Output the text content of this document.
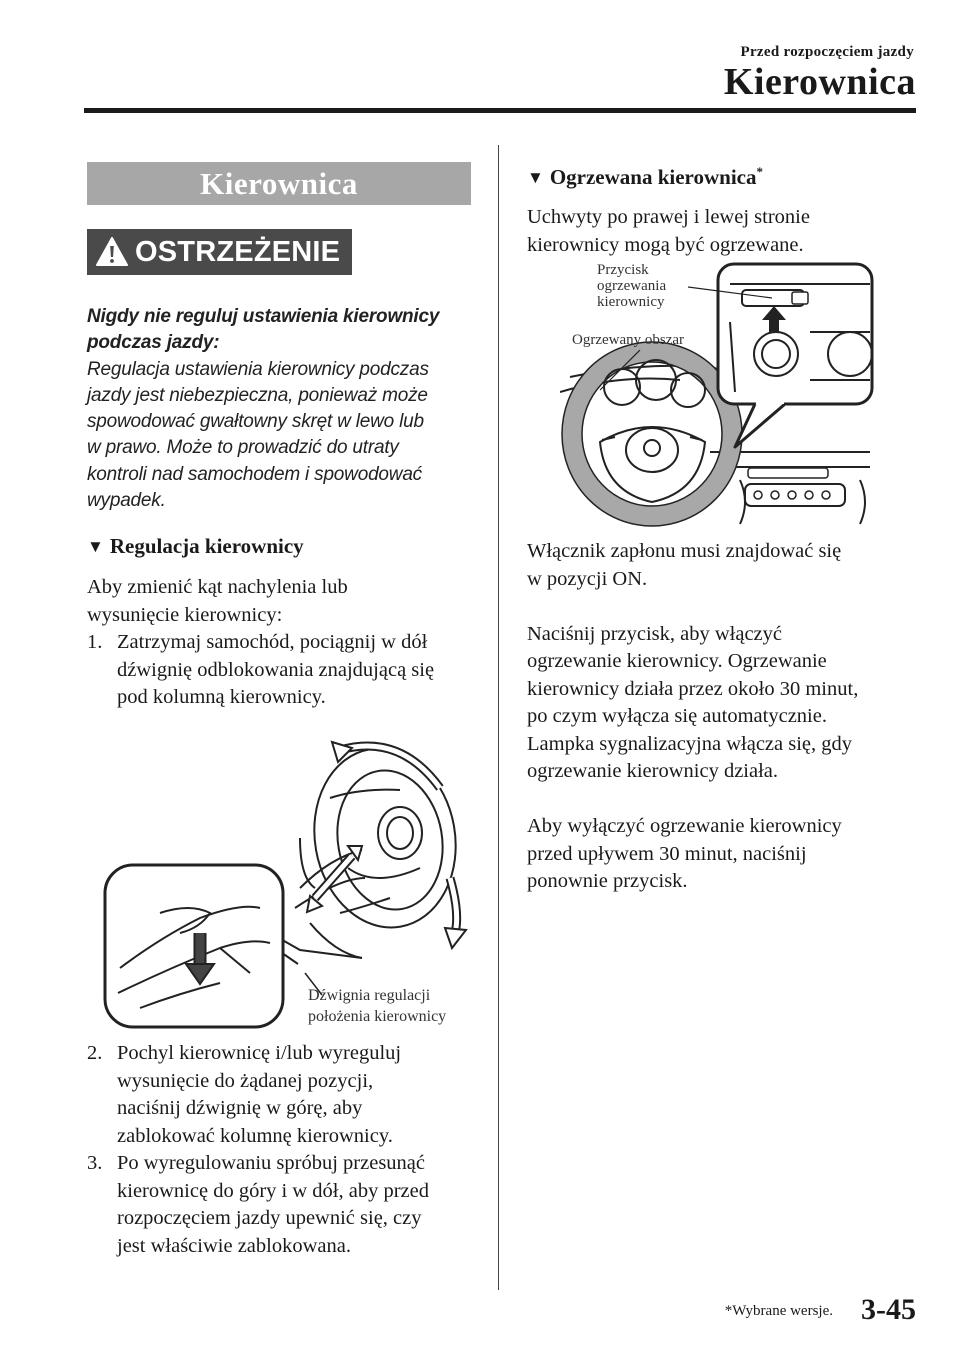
Przed rozpoczęciem jazdy
Kierownica
Kierownica
OSTRZEŻENIE
Nigdy nie reguluj ustawienia kierownicy
podczas jazdy:
Regulacja ustawienia kierownicy podczas
jazdy jest niebezpieczna, ponieważ może
spowodować gwałtowny skręt w lewo lub
w prawo. Może to prowadzić do utraty
kontroli nad samochodem i spowodować
wypadek.
▼ Regulacja kierownicy
Aby zmienić kąt nachylenia lub
wysunięcie kierownicy:
1. Zatrzymaj samochód, pociągnij w dół
dźwignię odblokowania znajdującą się
pod kolumną kierownicy.
Dźwignia regulacji
położenia kierownicy
2. Pochyl kierownicę i/lub wyreguluj
wysunięcie do żądanej pozycji,
naciśnij dźwignię w górę, aby
zablokować kolumnę kierownicy.
3. Po wyregulowaniu spróbuj przesunąć
kierownicę do góry i w dół, aby przed
rozpoczęciem jazdy upewnić się, czy
jest właściwie zablokowana.
▼ Ogrzewana kierownica*
Uchwyty po prawej i lewej stronie
kierownicy mogą być ogrzewane.
Przycisk
ogrzewania
kierownicy
Ogrzewany obszar
Włącznik zapłonu musi znajdować się
w pozycji ON.
Naciśnij przycisk, aby włączyć
ogrzewanie kierownicy. Ogrzewanie
kierownicy działa przez około 30 minut,
po czym wyłącza się automatycznie.
Lampka sygnalizacyjna włącza się, gdy
ogrzewanie kierownicy działa.
Aby wyłączyć ogrzewanie kierownicy
przed upływem 30 minut, naciśnij
ponownie przycisk.
*Wybrane wersje. 3-45
